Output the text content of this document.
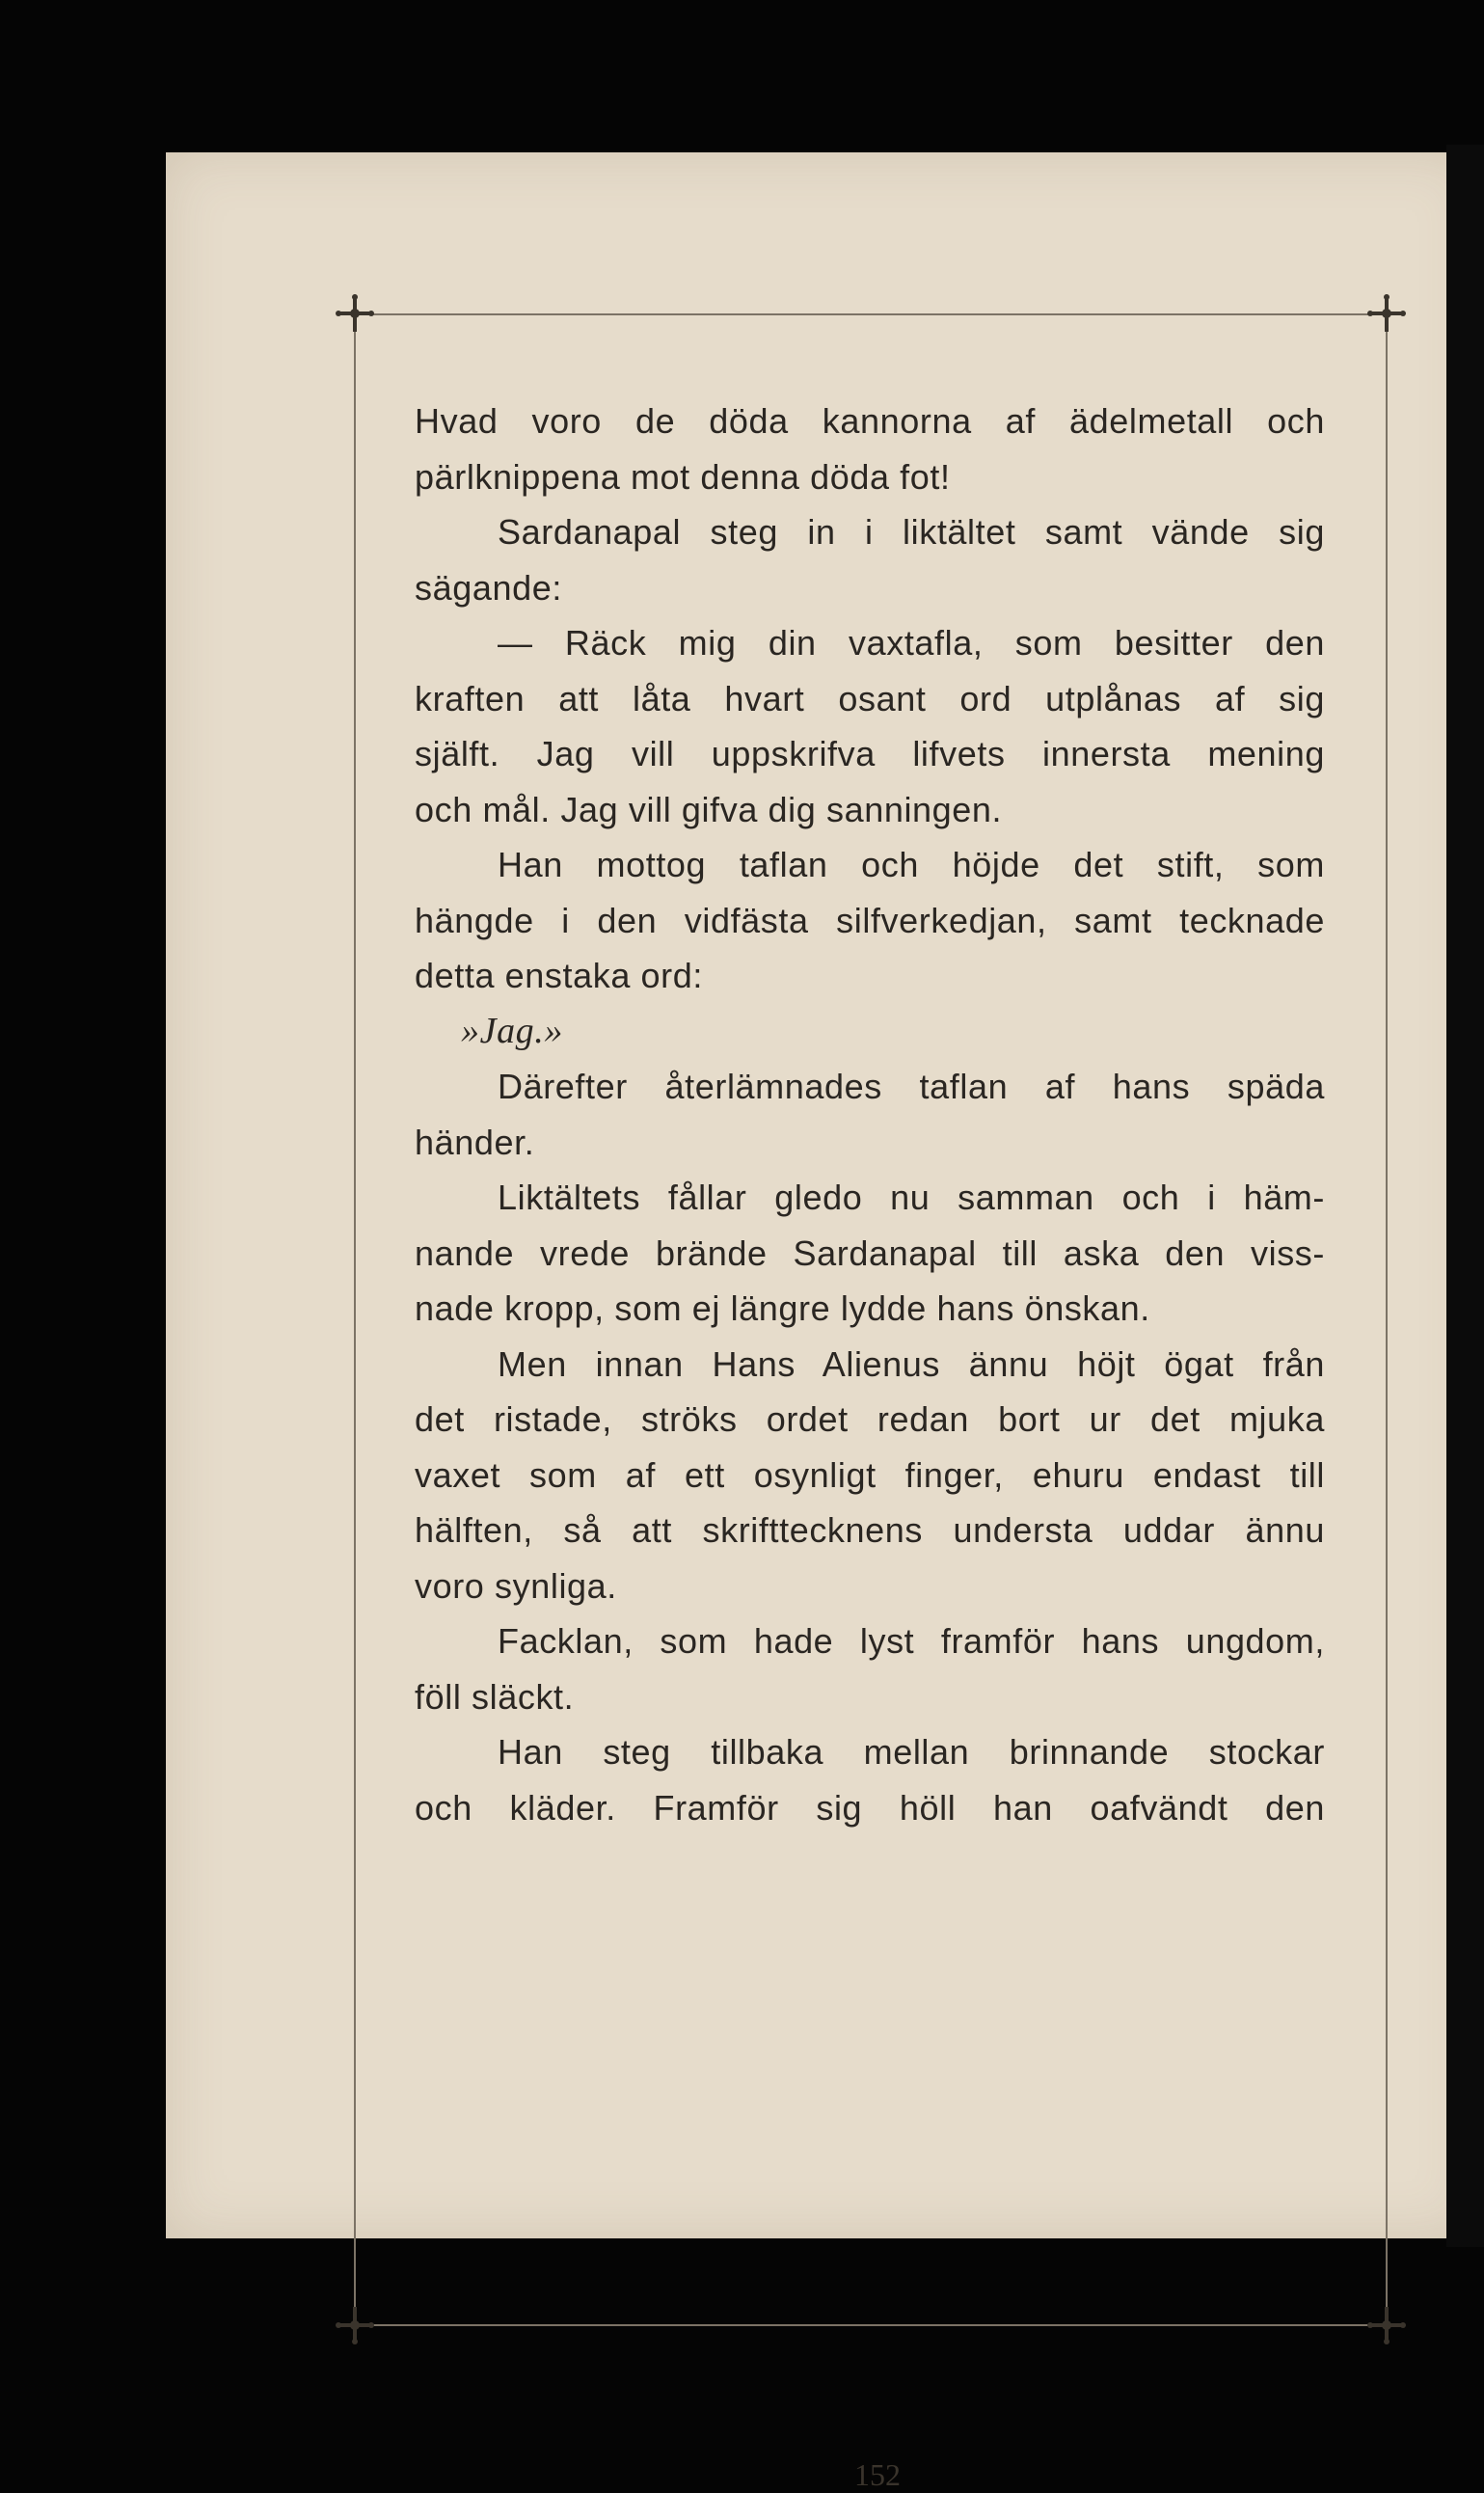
Hvad voro de döda kannorna af ädelmetall och
pärlknippena mot denna döda fot!
Sardanapal steg in i liktältet samt vände sig
sägande:
— Räck mig din vaxtafla, som besitter den
kraften att låta hvart osant ord utplånas af sig
själft. Jag vill uppskrifva lifvets innersta mening
och mål. Jag vill gifva dig sanningen.
Han mottog taflan och höjde det stift, som
hängde i den vidfästa silfverkedjan, samt tecknade
detta enstaka ord:
»Jag.»
Därefter återlämnades taflan af hans späda
händer.
Liktältets fållar gledo nu samman och i häm-
nande vrede brände Sardanapal till aska den viss-
nade kropp, som ej längre lydde hans önskan.
Men innan Hans Alienus ännu höjt ögat från
det ristade, ströks ordet redan bort ur det mjuka
vaxet som af ett osynligt finger, ehuru endast till
hälften, så att skrifttecknens understa uddar ännu
voro synliga.
Facklan, som hade lyst framför hans ungdom,
föll släckt.
Han steg tillbaka mellan brinnande stockar
och kläder. Framför sig höll han oafvändt den
152
